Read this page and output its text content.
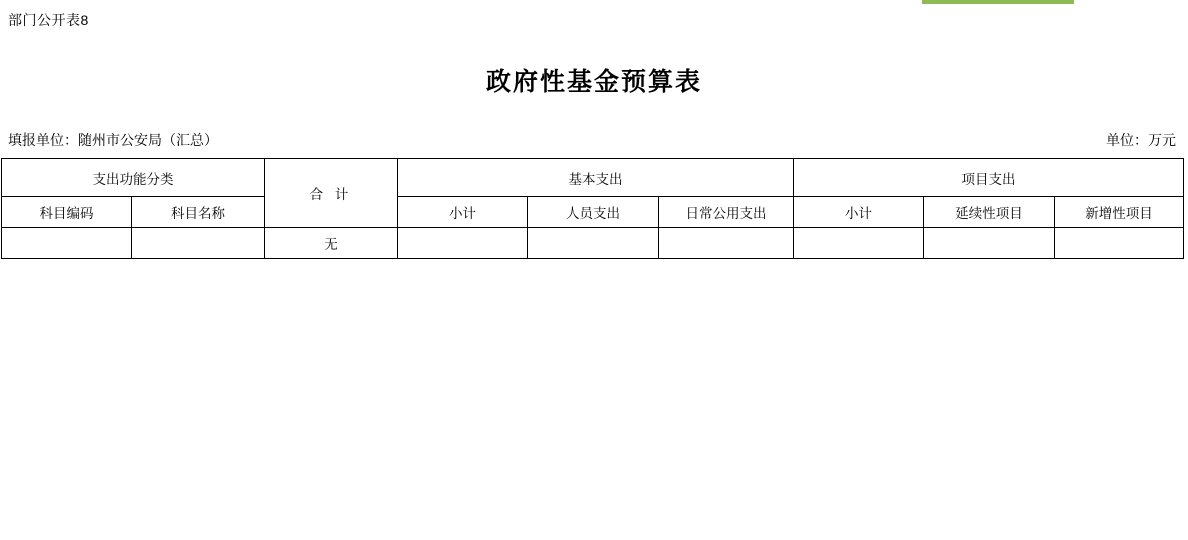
部门公开表8
政府性基金预算表
填报单位：随州市公安局（汇总）	单位：万元
支出功能分类		合 计	基本支出			项目支出		
科目编码	科目名称		小计	人员支出	日常公用支出	小计	延续性项目	新增性项目
		无						
